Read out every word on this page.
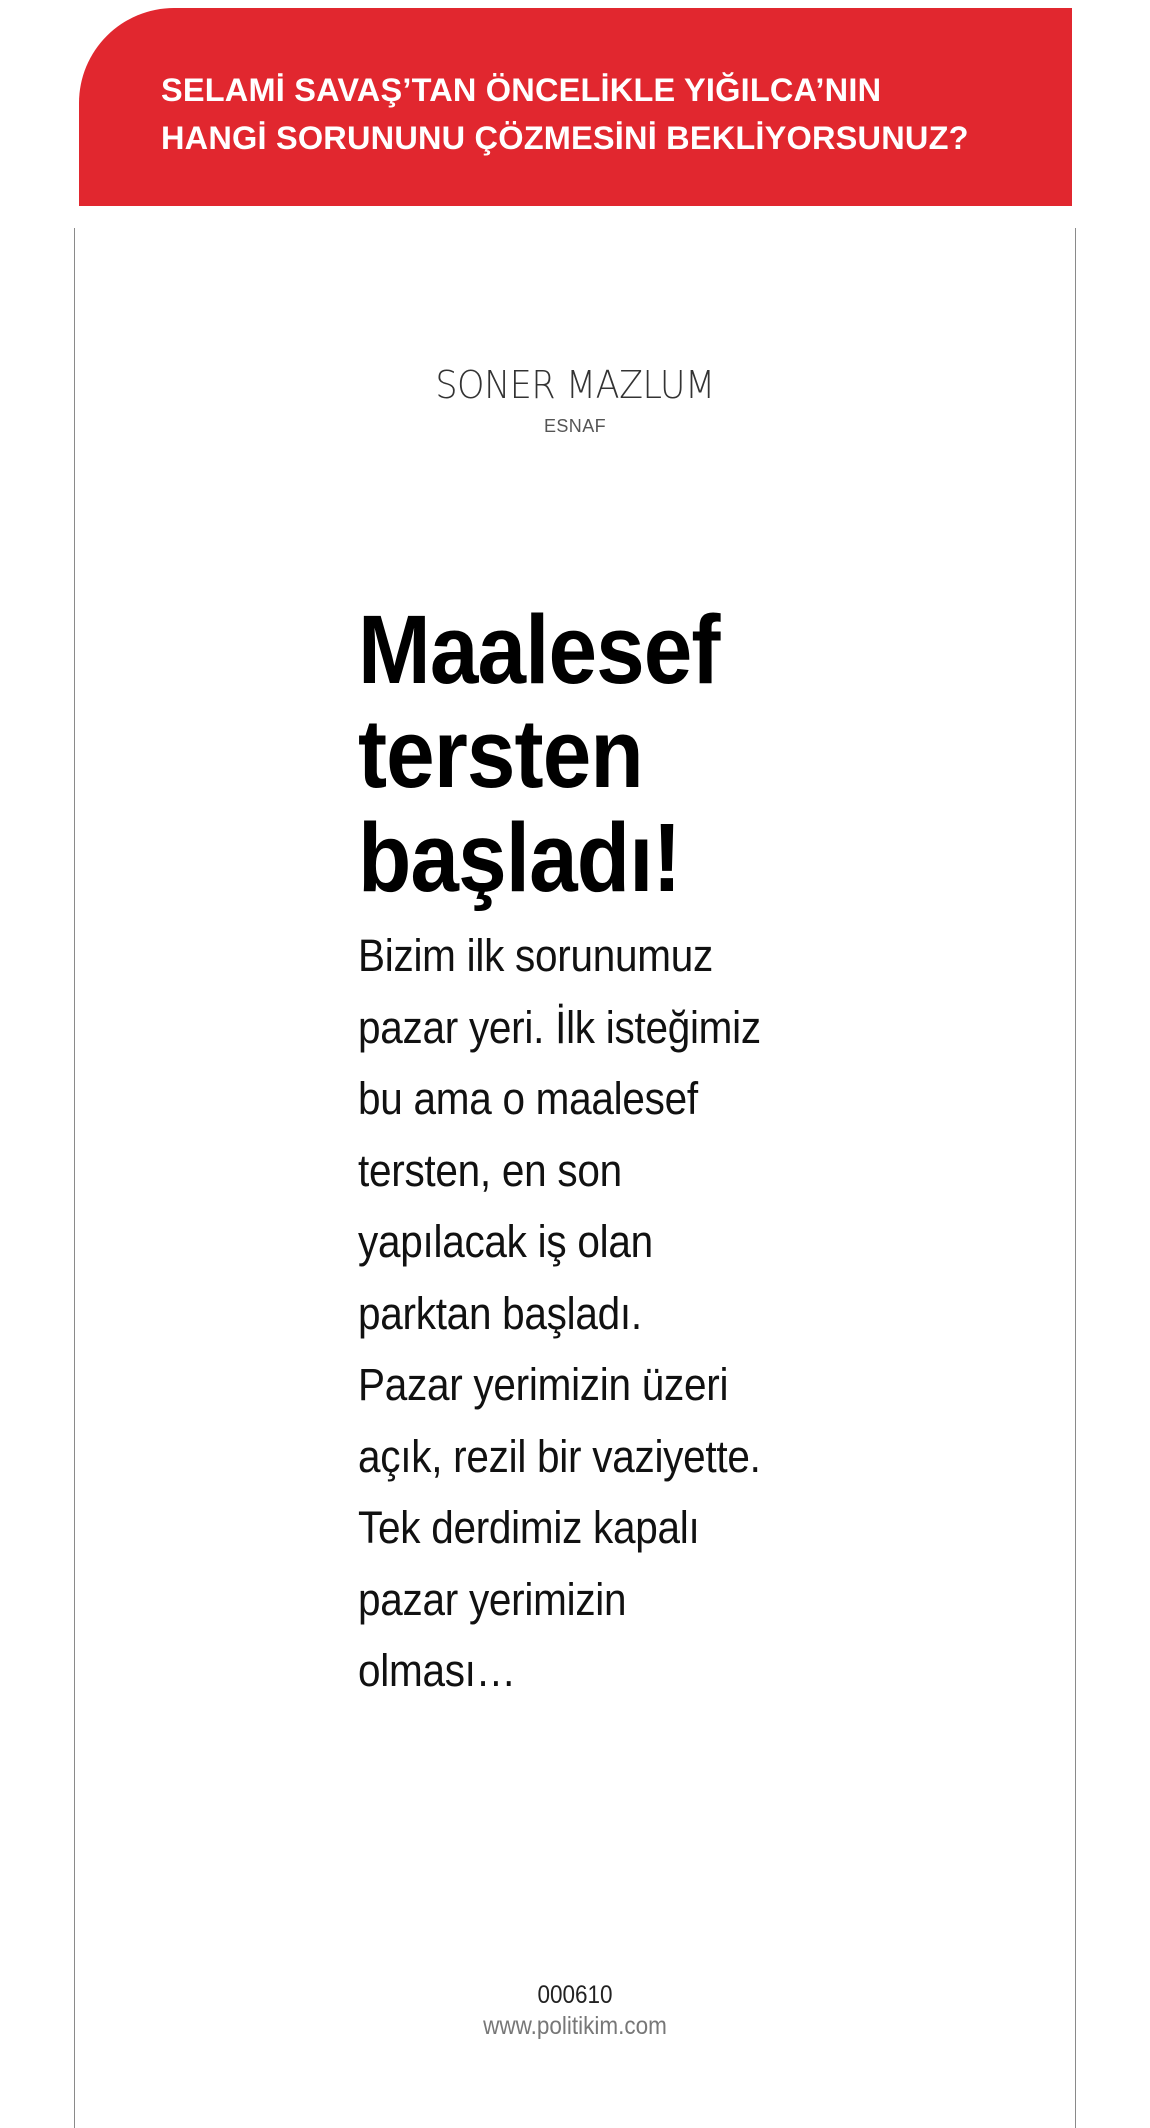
SELAMİ SAVAŞ’TAN ÖNCELİKLE YIĞILCA’NIN
HANGİ SORUNUNU ÇÖZMESİNİ BEKLİYORSUNUZ?
SONER MAZLUM
ESNAF
Maalesef
tersten
başladı!
Bizim ilk sorunumuz
pazar yeri. İlk isteğimiz
bu ama o maalesef
tersten, en son
yapılacak iş olan
parktan başladı.
Pazar yerimizin üzeri
açık, rezil bir vaziyette.
Tek derdimiz kapalı
pazar yerimizin
olması…
000610
www.politikim.com
